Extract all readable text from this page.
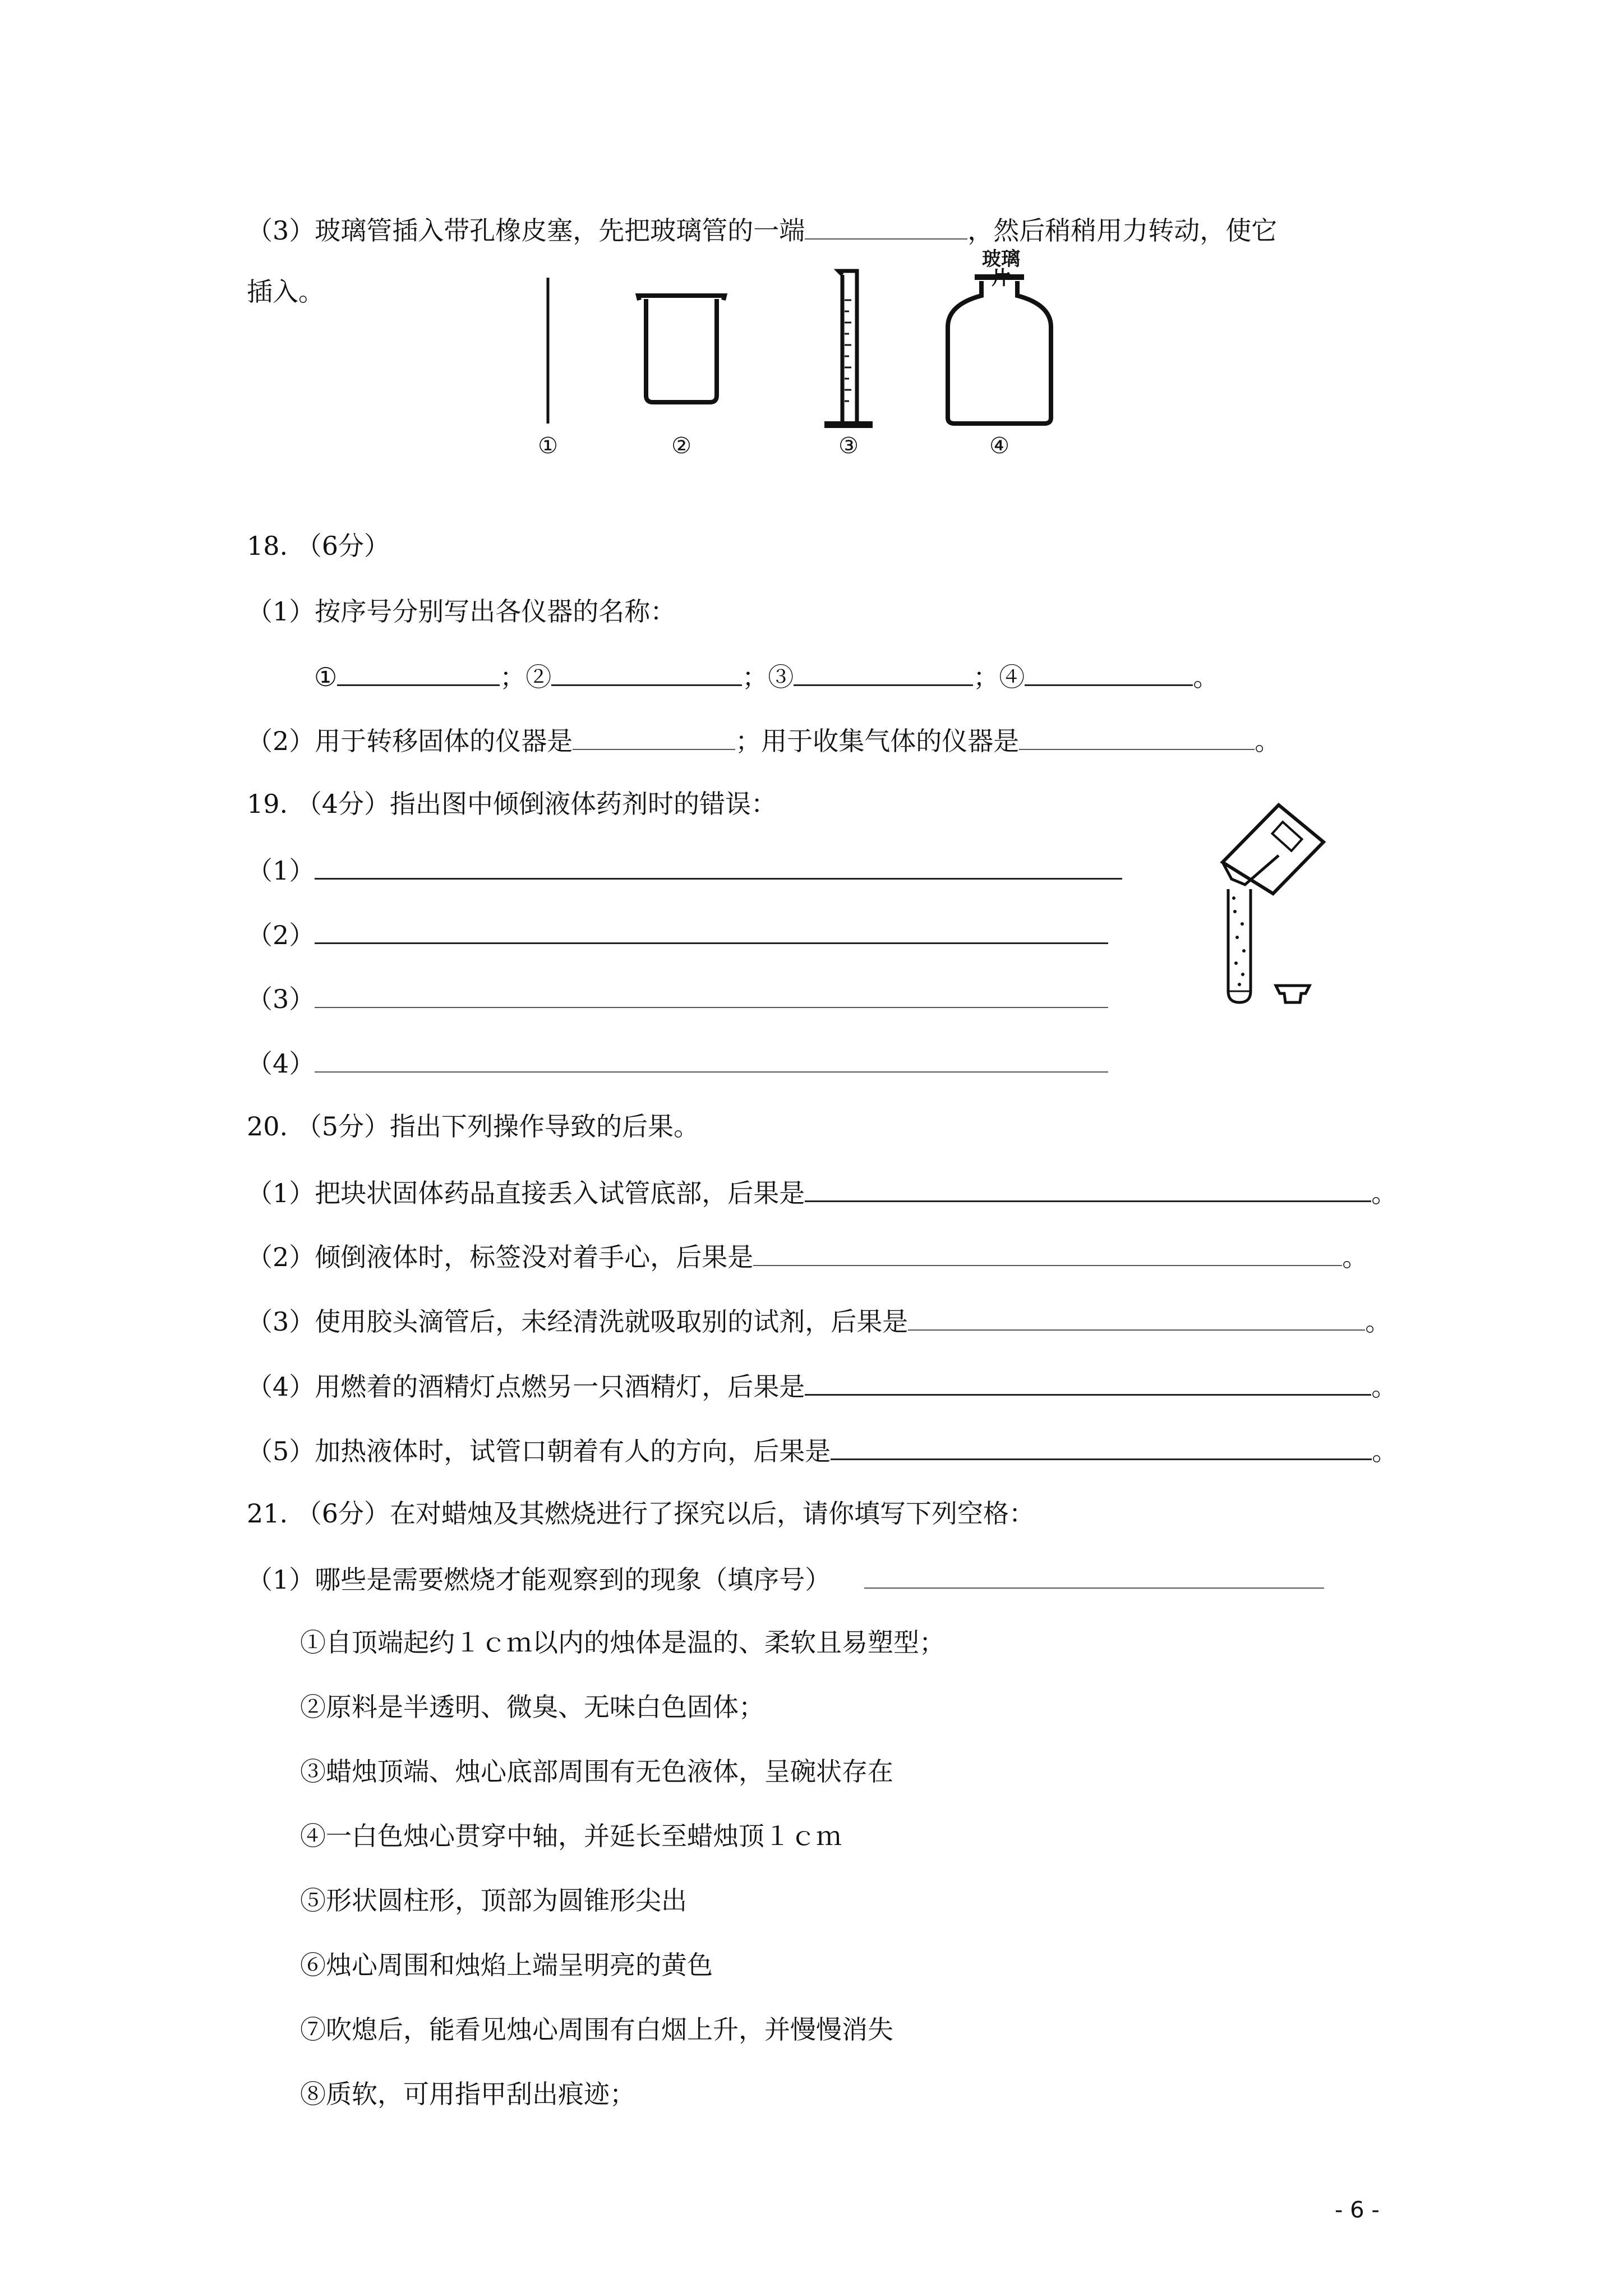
（3）玻璃管插入带孔橡皮塞，先把玻璃管的一端	，然后稍稍用力转动，使它
插入。
玻璃片
①	②	③	④
18. （6分）
（1）按序号分别写出各仪器的名称：
①	；②	；③	；④	。
（2）用于转移固体的仪器是	；用于收集气体的仪器是	。
19. （4分）指出图中倾倒液体药剂时的错误：
（1）
（2）
（3）
（4）
20. （5分）指出下列操作导致的后果。
（1）把块状固体药品直接丢入试管底部，后果是	。
（2）倾倒液体时，标签没对着手心，后果是	。
（3）使用胶头滴管后，未经清洗就吸取别的试剂，后果是	。
（4）用燃着的酒精灯点燃另一只酒精灯，后果是	。
（5）加热液体时，试管口朝着有人的方向，后果是	。
21. （6分）在对蜡烛及其燃烧进行了探究以后，请你填写下列空格：
（1）哪些是需要燃烧才能观察到的现象（填序号）
①自顶端起约１ｃｍ以内的烛体是温的、柔软且易塑型；
②原料是半透明、微臭、无味白色固体；
③蜡烛顶端、烛心底部周围有无色液体，呈碗状存在
④一白色烛心贯穿中轴，并延长至蜡烛顶１ｃｍ
⑤形状圆柱形，顶部为圆锥形尖出
⑥烛心周围和烛焰上端呈明亮的黄色
⑦吹熄后，能看见烛心周围有白烟上升，并慢慢消失
⑧质软，可用指甲刮出痕迹；
- 6 -
